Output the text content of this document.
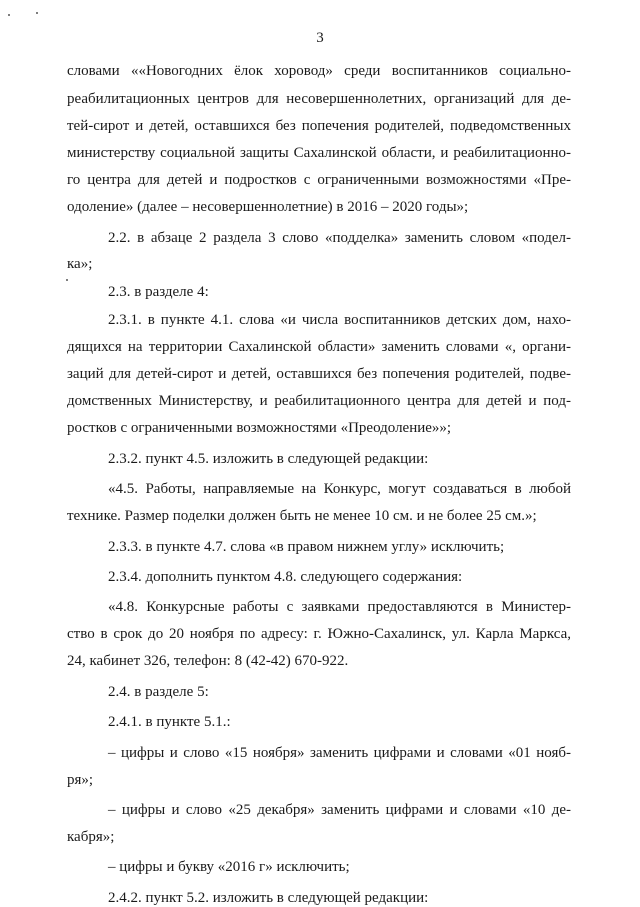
3
словами ««Новогодних ёлок хоровод» среди воспитанников социально-
реабилитационных центров для несовершеннолетних, организаций для де-
тей-сирот и детей, оставшихся без попечения родителей, подведомственных
министерству социальной защиты Сахалинской области, и реабилитационно-
го центра для детей и подростков с ограниченными возможностями «Пре-
одоление» (далее – несовершеннолетние) в 2016 – 2020 годы»;
2.2. в абзаце 2 раздела 3 слово «подделка» заменить словом «подел-
ка»;
2.3. в разделе 4:
2.3.1. в пункте 4.1. слова «и числа воспитанников детских дом, нахо-
дящихся на территории Сахалинской области» заменить словами «, органи-
заций для детей-сирот и детей, оставшихся без попечения родителей, подве-
домственных Министерству, и реабилитационного центра для детей и под-
ростков с ограниченными возможностями «Преодоление»»;
2.3.2. пункт 4.5. изложить в следующей редакции:
«4.5. Работы, направляемые на Конкурс, могут создаваться в любой
технике. Размер поделки должен быть не менее 10 см. и не более 25 см.»;
2.3.3. в пункте 4.7. слова «в правом нижнем углу» исключить;
2.3.4. дополнить пунктом 4.8. следующего содержания:
«4.8. Конкурсные работы с заявками предоставляются в Министер-
ство в срок до 20 ноября по адресу: г. Южно-Сахалинск, ул. Карла Маркса,
24, кабинет 326, телефон: 8 (42-42) 670-922.
2.4. в разделе 5:
2.4.1. в пункте 5.1.:
– цифры и слово «15 ноября» заменить цифрами и словами «01 нояб-
ря»;
– цифры и слово «25 декабря» заменить цифрами и словами «10 де-
кабря»;
– цифры и букву «2016 г» исключить;
2.4.2. пункт 5.2. изложить в следующей редакции:
